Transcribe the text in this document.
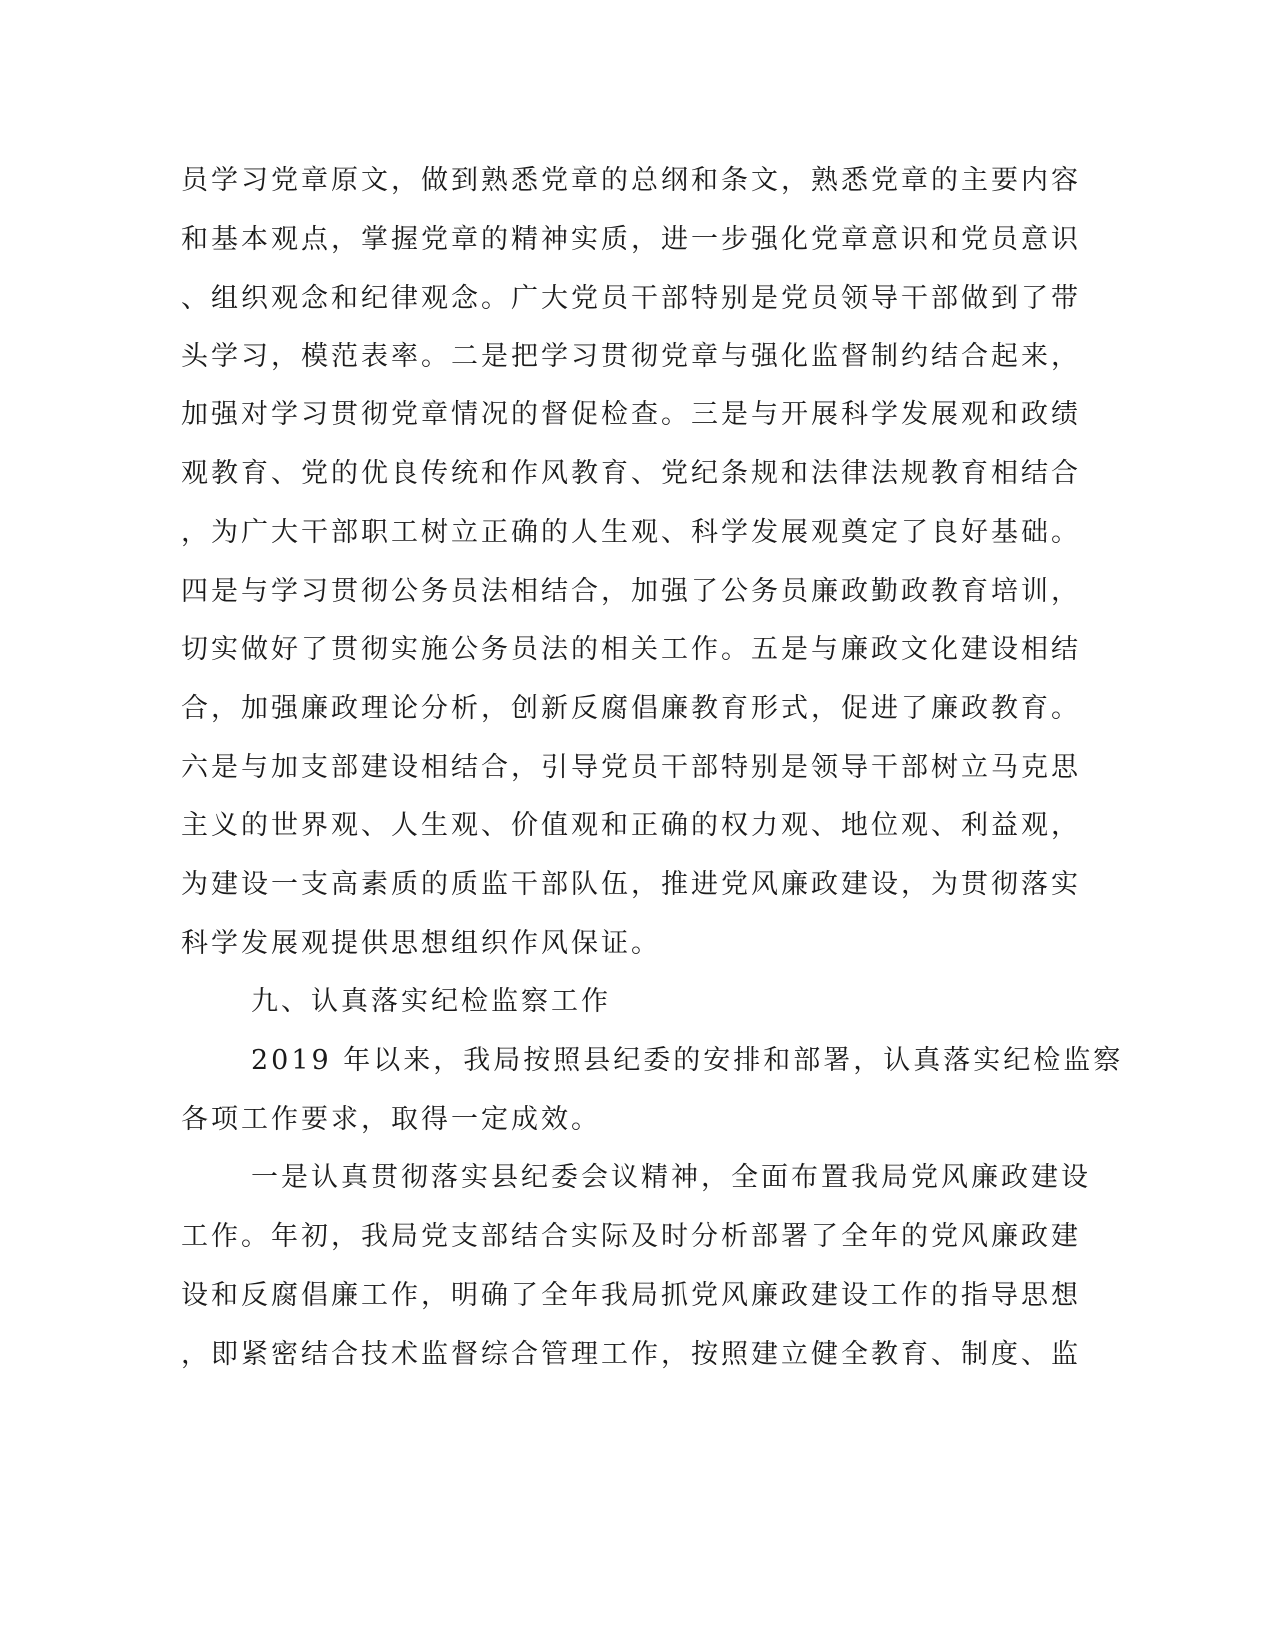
员学习党章原文，做到熟悉党章的总纲和条文，熟悉党章的主要内容
和基本观点，掌握党章的精神实质，进一步强化党章意识和党员意识
、组织观念和纪律观念。广大党员干部特别是党员领导干部做到了带
头学习，模范表率。二是把学习贯彻党章与强化监督制约结合起来，
加强对学习贯彻党章情况的督促检查。三是与开展科学发展观和政绩
观教育、党的优良传统和作风教育、党纪条规和法律法规教育相结合
，为广大干部职工树立正确的人生观、科学发展观奠定了良好基础。
四是与学习贯彻公务员法相结合，加强了公务员廉政勤政教育培训，
切实做好了贯彻实施公务员法的相关工作。五是与廉政文化建设相结
合，加强廉政理论分析，创新反腐倡廉教育形式，促进了廉政教育。
六是与加支部建设相结合，引导党员干部特别是领导干部树立马克思
主义的世界观、人生观、价值观和正确的权力观、地位观、利益观，
为建设一支高素质的质监干部队伍，推进党风廉政建设，为贯彻落实
科学发展观提供思想组织作风保证。
九、认真落实纪检监察工作
2019 年以来，我局按照县纪委的安排和部署，认真落实纪检监察
各项工作要求，取得一定成效。
一是认真贯彻落实县纪委会议精神，全面布置我局党风廉政建设
工作。年初，我局党支部结合实际及时分析部署了全年的党风廉政建
设和反腐倡廉工作，明确了全年我局抓党风廉政建设工作的指导思想
，即紧密结合技术监督综合管理工作，按照建立健全教育、制度、监
